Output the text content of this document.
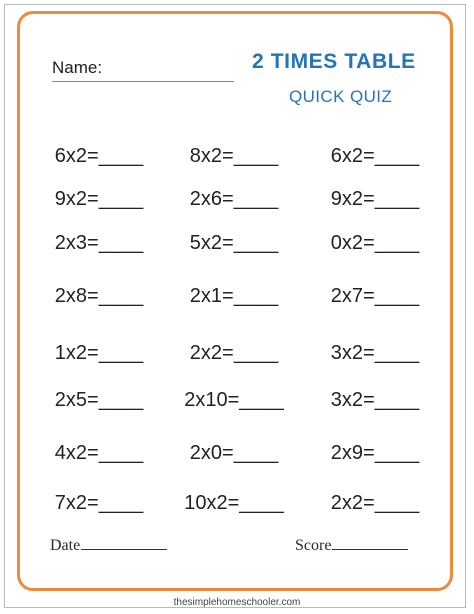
Name:	2 TIMES TABLE
QUICK QUIZ
6x2=____ 8x2=____	6x2=____
9x2=____ 2x6=____	9x2=____
2x3=____ 5x2=____	0x2=____
2x8=____ 2x1=____	2x7=____
1x2=____ 2x2=____	3x2=____
2x5=____ 2x10=____ 3x2=____
4x2=____ 2x0=____	2x9=____
7x2=____ 10x2=____ 2x2=____
Date	Score
thesimplehomeschooler.com
